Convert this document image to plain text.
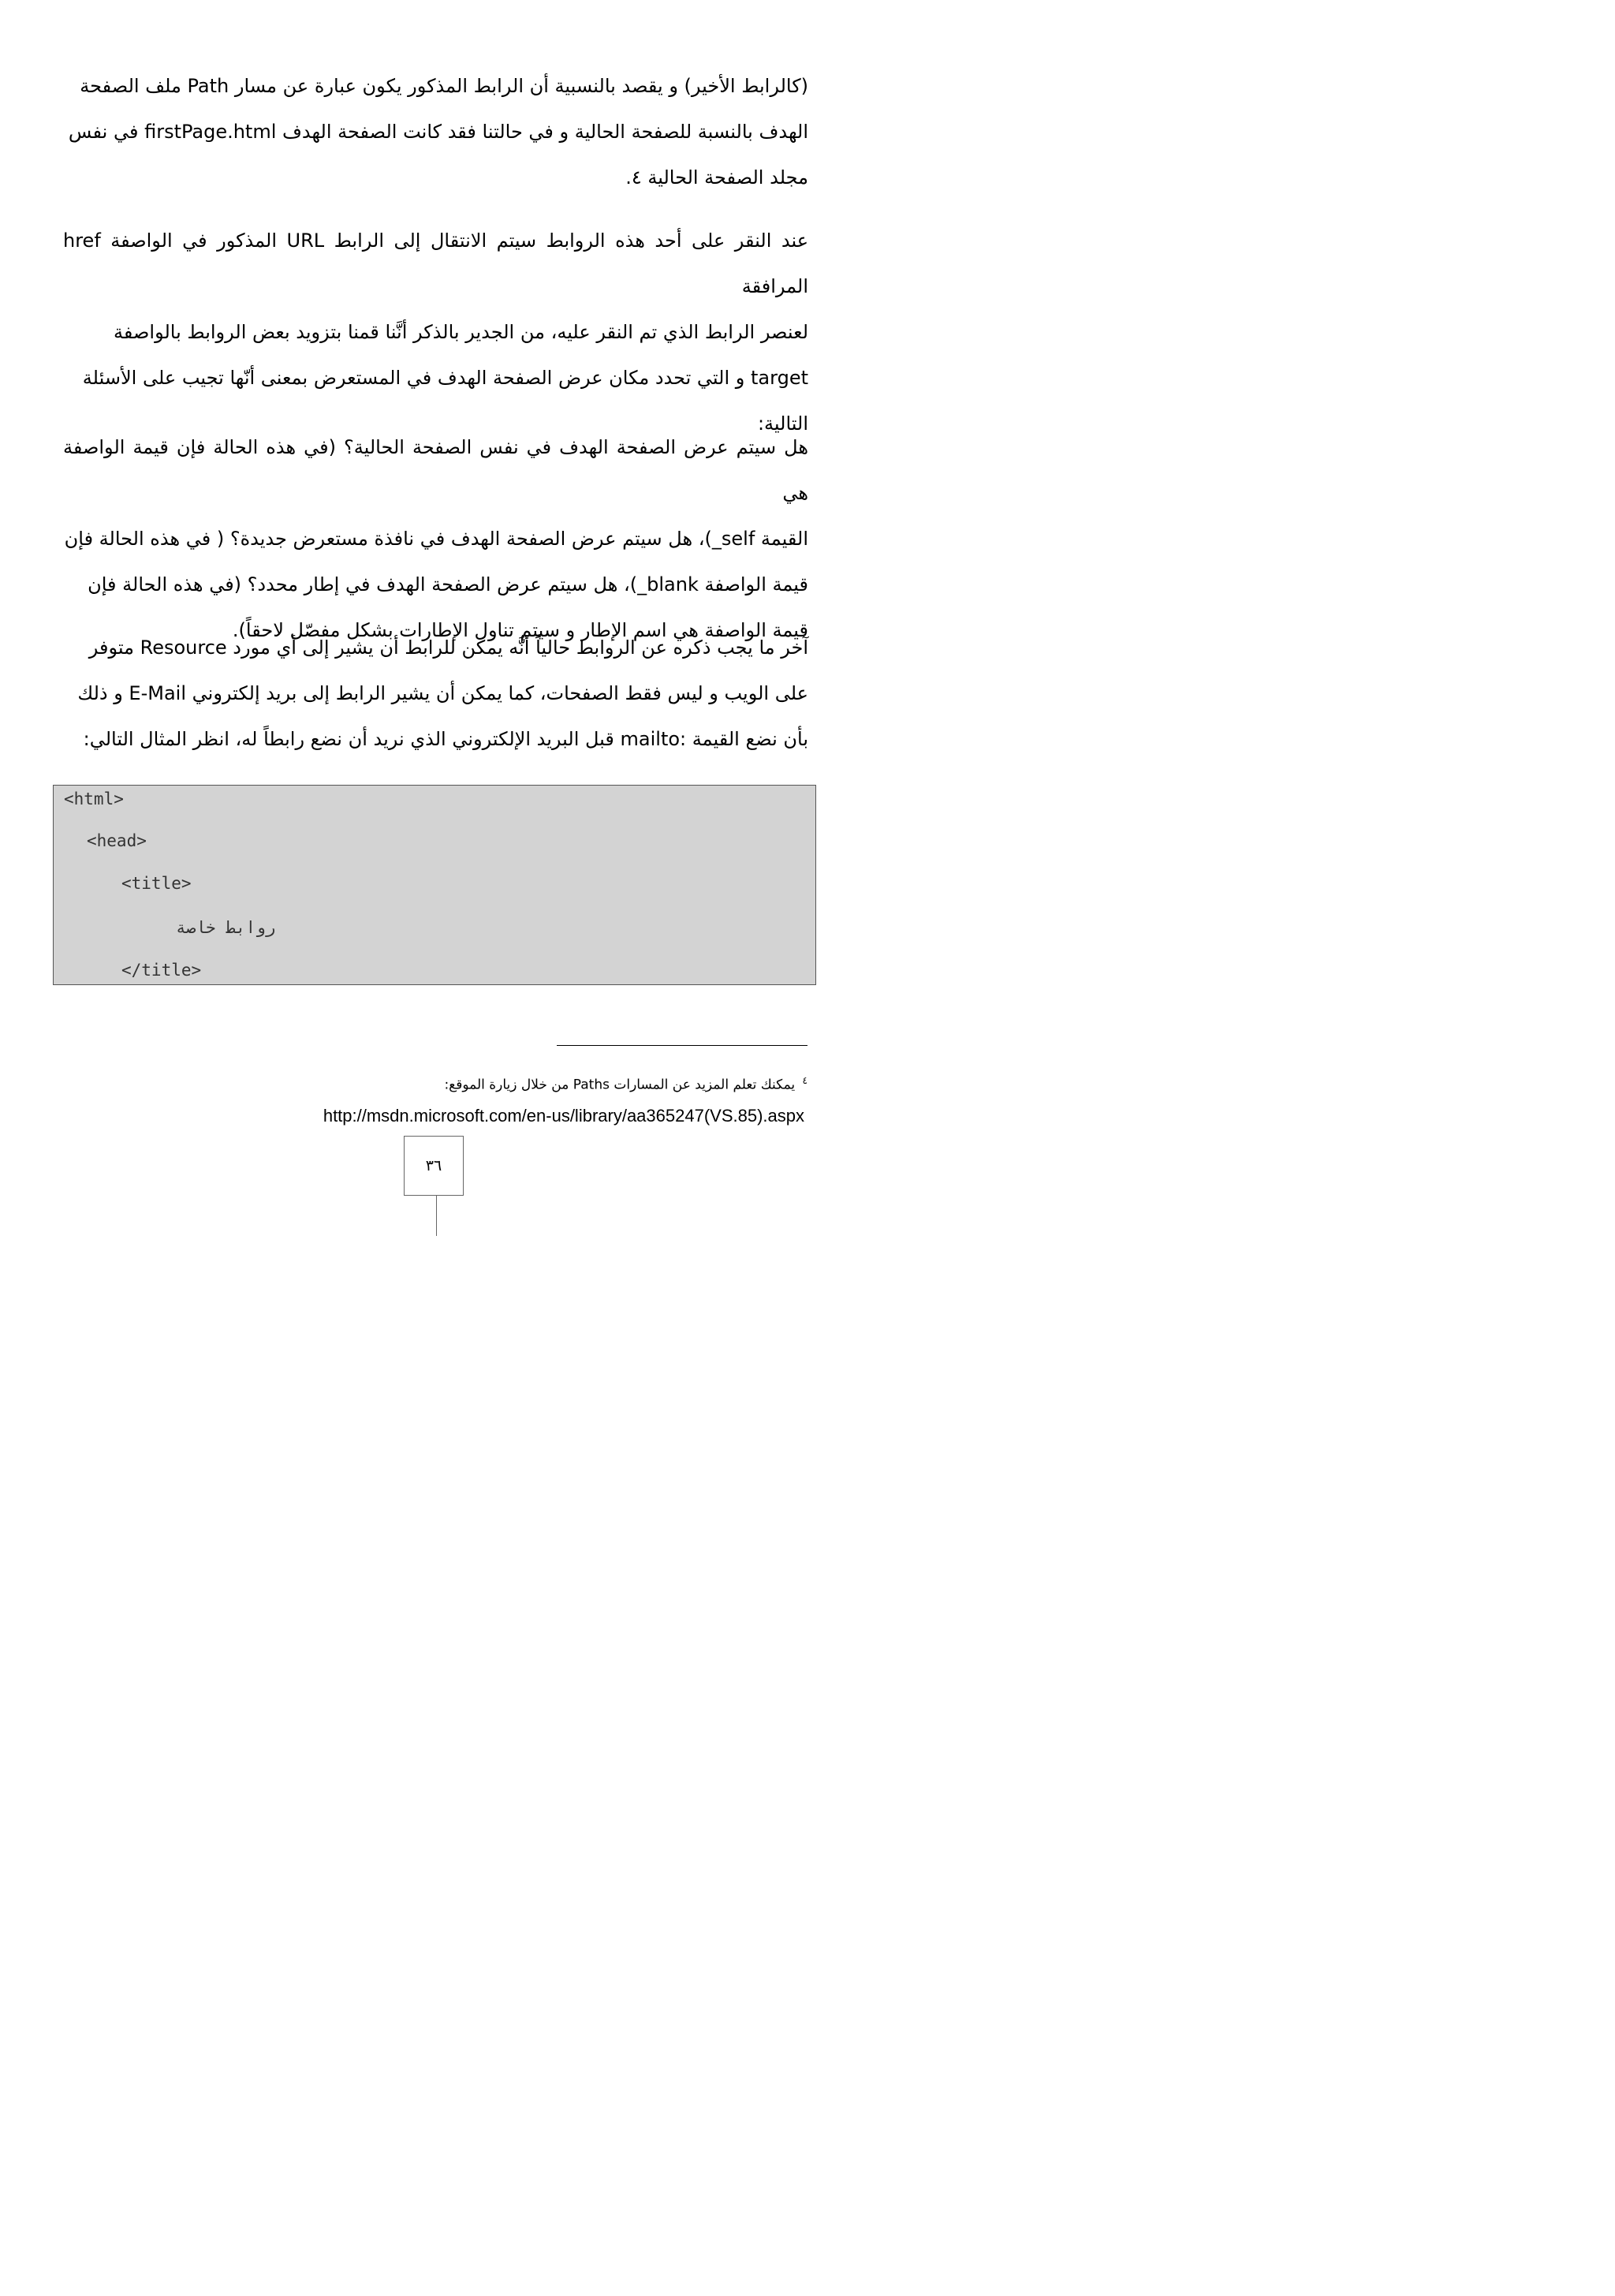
(كالرابط الأخير) و يقصد بالنسبية أن الرابط المذكور يكون عبارة عن مسار Path ملف الصفحة
الهدف بالنسبة للصفحة الحالية و في حالتنا فقد كانت الصفحة الهدف firstPage.html في نفس
مجلد الصفحة الحالية ٤.
عند النقر على أحد هذه الروابط سيتم الانتقال إلى الرابط URL المذكور في الواصفة href المرافقة
لعنصر الرابط الذي تم النقر عليه، من الجدير بالذكر أنَّنا قمنا بتزويد بعض الروابط بالواصفة
target و التي تحدد مكان عرض الصفحة الهدف في المستعرض بمعنى أنّها تجيب على الأسئلة
التالية:
هل سيتم عرض الصفحة الهدف في نفس الصفحة الحالية؟ (في هذه الحالة فإن قيمة الواصفة هي
القيمة self_)، هل سيتم عرض الصفحة الهدف في نافذة مستعرض جديدة؟ ( في هذه الحالة فإن
قيمة الواصفة blank_)، هل سيتم عرض الصفحة الهدف في إطار محدد؟ (في هذه الحالة فإن
قيمة الواصفة هي اسم الإطار و سيتم تناول الإطارات بشكل مفصّل لاحقاً).
آخر ما يجب ذكره عن الروابط حالياً أنَّه يمكن للرابط أن يشير إلى أي مورد Resource متوفر
على الويب و ليس فقط الصفحات، كما يمكن أن يشير الرابط إلى بريد إلكتروني E-Mail و ذلك
بأن نضع القيمة :mailto قبل البريد الإلكتروني الذي نريد أن نضع رابطاً له، انظر المثال التالي:
<html>
<head>
<title>
روابط خاصة
</title>
$^٤$ يمكنك تعلم المزيد عن المسارات Paths من خلال زيارة الموقع:
http://msdn.microsoft.com/en-us/library/aa365247(VS.85).aspx
٣٦
